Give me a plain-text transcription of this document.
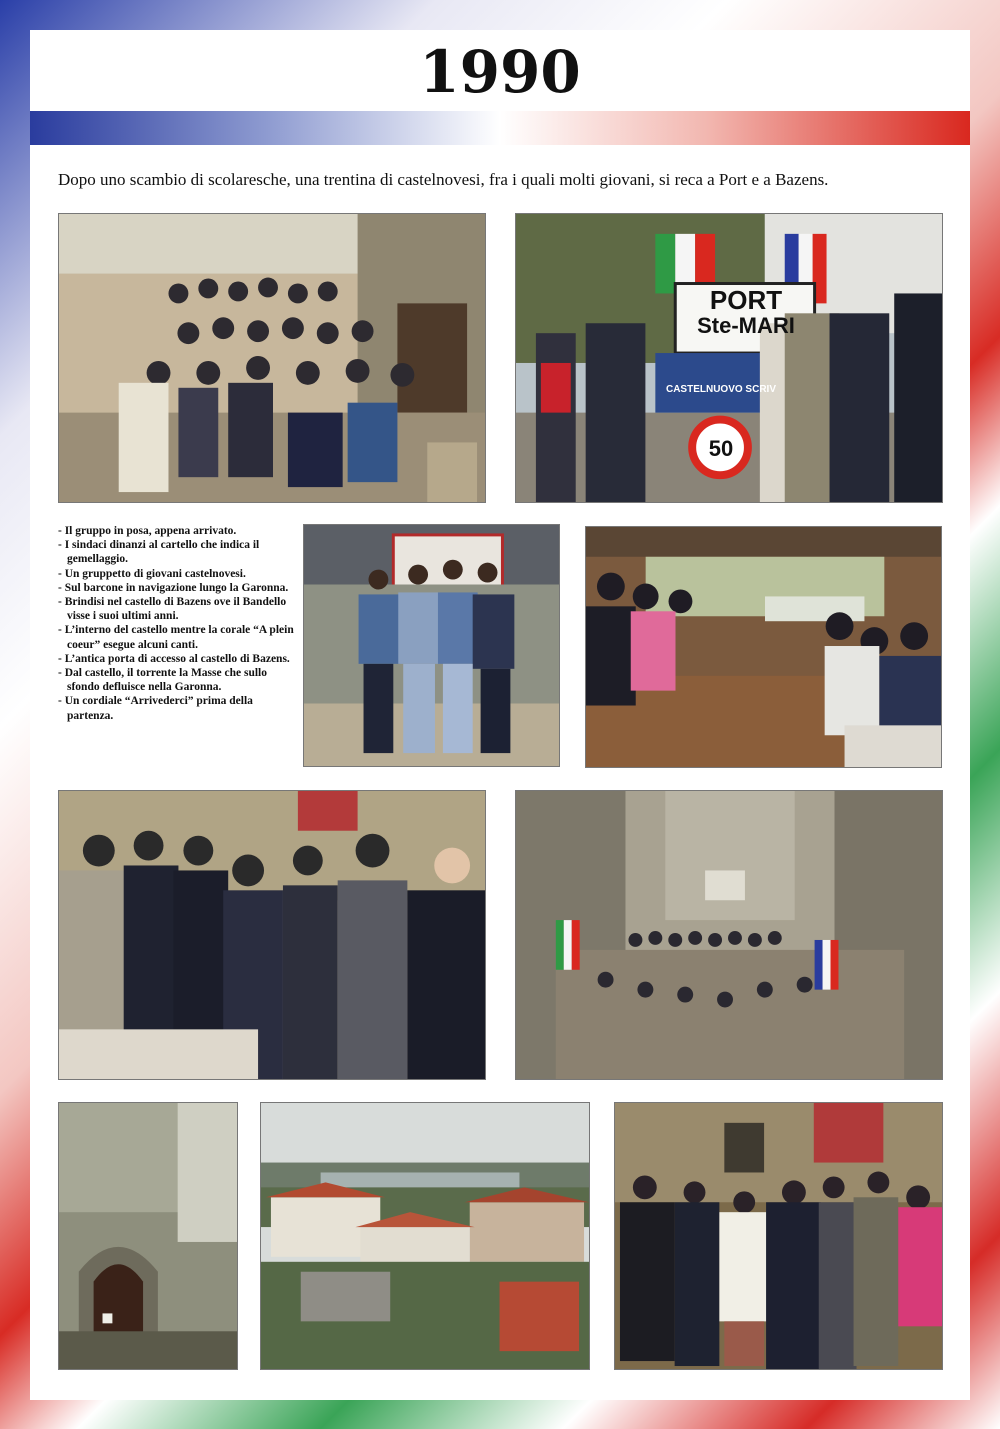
1990
Dopo uno scambio di scolaresche, una trentina di castelnovesi, fra i quali molti giovani, si reca a Port e a Bazens.
PORT
Ste-MARI
CASTELNUOVO SCRIV
50
- Il gruppo in posa, appena arrivato.
- I sindaci dinanzi al cartello che indica il gemellaggio.
- Un gruppetto di giovani castelnovesi.
- Sul barcone in navigazione lungo la Garonna.
- Brindisi nel castello di Bazens ove il Bandello visse i suoi ultimi anni.
- L’interno del castello mentre la corale “A plein coeur” esegue alcuni canti.
- L’antica porta di accesso al castello di Bazens.
- Dal castello, il torrente la Masse che sullo sfondo defluisce nella Garonna.
- Un cordiale “Arrivederci” prima della partenza.
